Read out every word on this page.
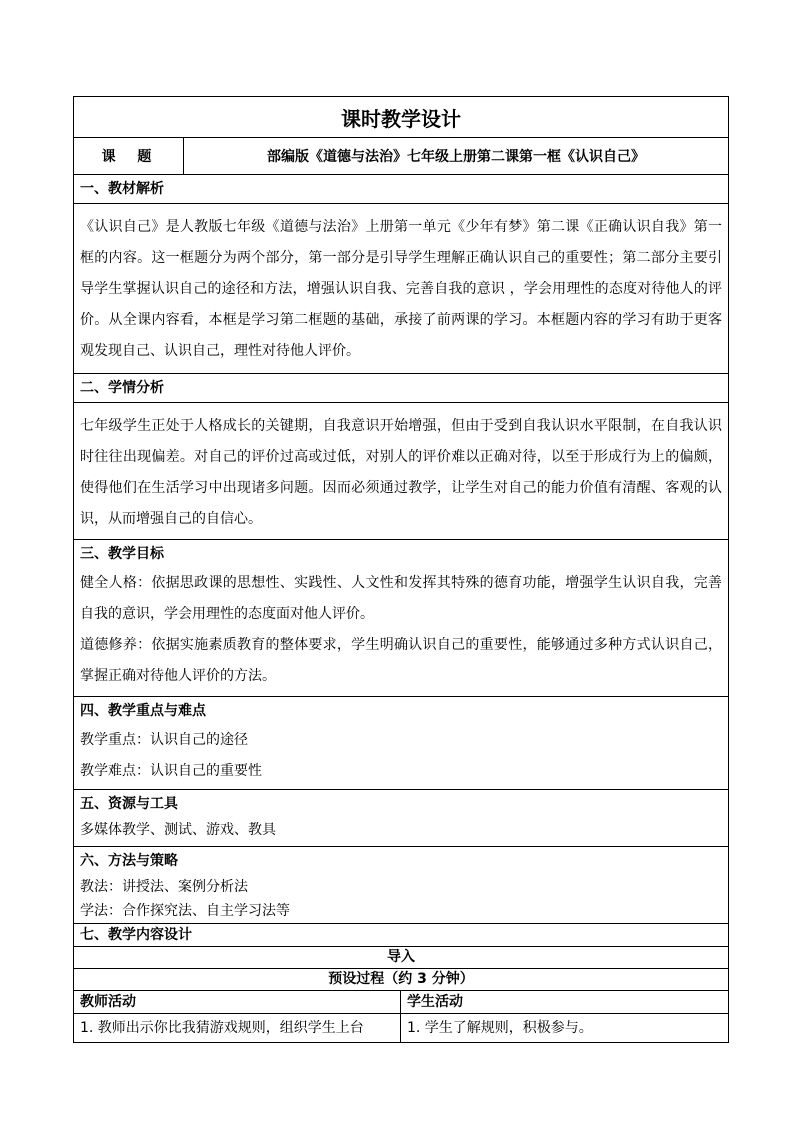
课时教学设计		
课  题	部编版《道德与法治》七年级上册第二课第一框《认识自己》	
一、教材解析		

《认识自己》是人教版七年级《道德与法治》上册第一单元《少年有梦》第二课《正确认识自我》第一框的内容。这一框题分为两个部分，第一部分是引导学生理解正确认识自己的重要性；第二部分主要引导学生掌握认识自己的途径和方法，增强认识自我、完善自我的意识 ，学会用理性的态度对待他人的评价。从全课内容看，本框是学习第二框题的基础，承接了前两课的学习。本框题内容的学习有助于更客观发现自己、认识自己，理性对待他人评价。		

二、学情分析		

七年级学生正处于人格成长的关键期，自我意识开始增强，但由于受到自我认识水平限制，在自我认识时往往出现偏差。对自己的评价过高或过低，对别人的评价难以正确对待，以至于形成行为上的偏颇，使得他们在生活学习中出现诸多问题。因而必须通过教学，让学生对自己的能力价值有清醒、客观的认识，从而增强自己的自信心。		

三、教学目标
健全人格：依据思政课的思想性、实践性、人文性和发挥其特殊的德育功能，增强学生认识自我，完善自我的意识，学会用理性的态度面对他人评价。
道德修养：依据实施素质教育的整体要求，学生明确认识自己的重要性，能够通过多种方式认识自己，掌握正确对待他人评价的方法。		

四、教学重点与难点
教学重点：认识自己的途径
教学难点：认识自己的重要性		

五、资源与工具
多媒体教学、测试、游戏、教具		

六、方法与策略
教法：讲授法、案例分析法
学法：合作探究法、自主学习法等		

七、教学内容设计		
导入		
预设过程（约 3 分钟）		
教师活动		学生活动
1. 教师出示你比我猜游戏规则，组织学生上台		1. 学生了解规则，积极参与。
